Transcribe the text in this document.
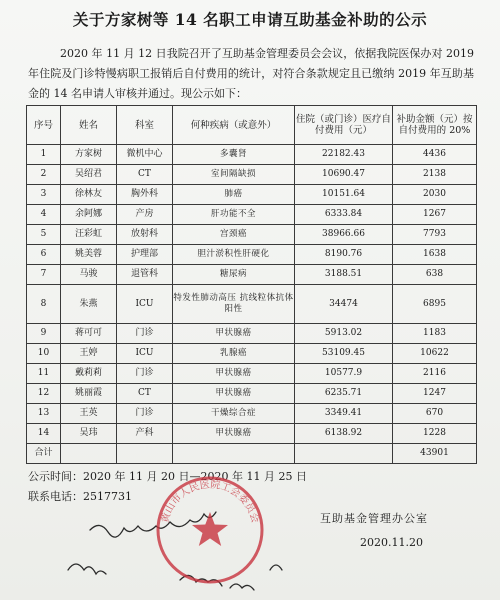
关于方家树等 14 名职工申请互助基金补助的公示
2020 年 11 月 12 日我院召开了互助基金管理委员会会议，依据我院医保办对 2019 年住院及门诊特慢病职工报销后自付费用的统计，对符合条款规定且已缴纳 2019 年互助基金的 14 名申请人审核并通过。现公示如下：
序号	姓名	科室	何种疾病（或意外）	住院（或门诊）医疗自付费用（元）	补助金额（元）按自付费用的 20%
1	方家树	微机中心	多囊肾	22182.43	4436
2	吴绍君	CT	室间隔缺损	10690.47	2138
3	徐林友	胸外科	肺癌	10151.64	2030
4	余阿娜	产房	肝功能不全	6333.84	1267
5	汪彩虹	放射科	宫颈癌	38966.66	7793
6	姚美蓉	护理部	胆汁淤积性肝硬化	8190.76	1638
7	马骏	退管科	糖尿病	3188.51	638
8	朱燕	ICU	特发性肺动高压 抗线粒体抗体阳性	34474	6895
9	蒋可可	门诊	甲状腺癌	5913.02	1183
10	王婷	ICU	乳腺癌	53109.45	10622
11	戴莉莉	门诊	甲状腺癌	10577.9	2116
12	姚丽霞	CT	甲状腺癌	6235.71	1247
13	王英	门诊	干燥综合症	3349.41	670
14	吴玮	产科	甲状腺癌	6138.92	1228
合计					43901
公示时间：2020 年 11 月 20 日—2020 年 11 月 25 日
联系电话：2517731
黄山市人民医院工会委员会	互助基金管理办公室
2020.11.20
